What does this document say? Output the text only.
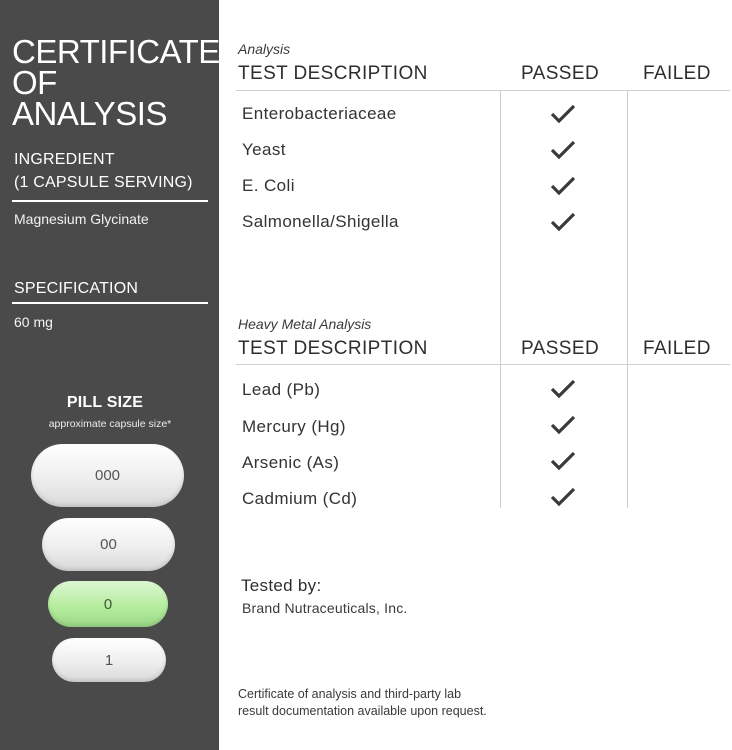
CERTIFICATE
OF ANALYSIS
INGREDIENT
(1 CAPSULE SERVING)
Magnesium Glycinate
SPECIFICATION
60 mg
PILL SIZE
approximate capsule size*
000
00
0
1
Analysis
TEST DESCRIPTION	PASSED FAILED
Enterobacteriaceae
Yeast
E. Coli
Salmonella/Shigella
Heavy Metal Analysis
TEST DESCRIPTION	PASSED FAILED
Lead (Pb)
Mercury (Hg)
Arsenic (As)
Cadmium (Cd)
Tested by:
Brand Nutraceuticals, Inc.
Certificate of analysis and third-party lab
result documentation available upon request.
